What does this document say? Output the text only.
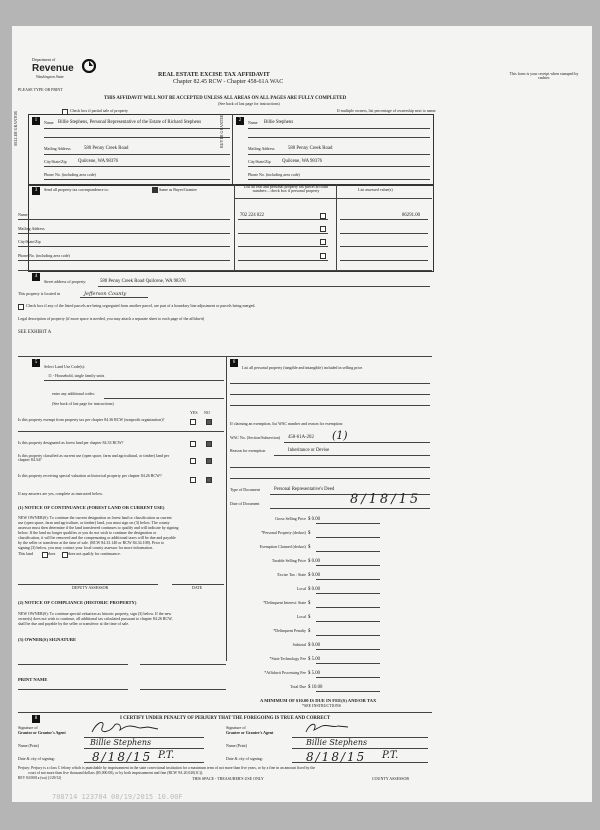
Department of
Revenue
Washington State	REAL ESTATE EXCISE TAX AFFIDAVIT
Chapter 82.45 RCW - Chapter 458-61A WAC
This form is your receipt when stamped by cashier.
PLEASE TYPE OR PRINT
THIS AFFIDAVIT WILL NOT BE ACCEPTED UNLESS ALL AREAS ON ALL PAGES ARE FULLY COMPLETED
(See back of last page for instructions)
Check box if partial sale of property	If multiple owners, list percentage of ownership next to name.
1
SELLER GRANTOR	Name Billie Stephens, Personal Representative of the Estate of Richard Stephens
Mailing Address	580 Penny Creek Road
City/State/Zip Quilcene, WA 98376
Phone No. (including area code)
2
BUYER GRANTEE	Name Billie Stephens
Mailing Address	580 Penny Creek Road
City/State/Zip Quilcene, WA 98376
Phone No. (including area code)
3	Send all property tax correspondence to:	Same as Buyer/Grantee
List all real and personal property tax parcel account numbers – check box if personal property	List assessed value(s)
Name	702 224 022	86291.00
Mailing Address
City/State/Zip
Phone No. (including area code)
4
Street address of property:	580 Penny Creek Road Quilcene, WA 98376
This property is located in	Jefferson County
Check box if any of the listed parcels are being segregated from another parcel, are part of a boundary line adjustment or parcels being merged.
Legal description of property (if more space is needed, you may attach a separate sheet to each page of the affidavit)
SEE EXHIBIT A
5
Select Land Use Code(s):
11 - Household, single family units
enter any additional codes:
(See back of last page for instructions)
YES NO
Is this property exempt from property tax per chapter 84.36 RCW (nonprofit organization)?
Is this property designated as forest land per chapter 84.33 RCW?
Is this property classified as current use (open space, farm and agricultural, or timber) land per chapter 84.34?
Is this property receiving special valuation as historical property per chapter 84.26 RCW?
If any answers are yes, complete as instructed below.
(1) NOTICE OF CONTINUANCE (FOREST LAND OR CURRENT USE)
NEW OWNER(S): To continue the current designation as forest land or classification as current
use (open space, farm and agriculture, or timber) land, you must sign on (3) below. The county
assessor must then determine if the land transferred continues to qualify and will indicate by signing
below. If the land no longer qualifies or you do not wish to continue the designation or
classification, it will be removed and the compensating or additional taxes will be due and payable
by the seller or transferor at the time of sale. (RCW 84.33.140 or RCW 84.34.108). Prior to
signing (3) below, you may contact your local county assessor for more information.
This land	does	does not qualify for continuance.
DEPUTY ASSESSOR	DATE
(2) NOTICE OF COMPLIANCE (HISTORIC PROPERTY)
NEW OWNER(S): To continue special valuation as historic property, sign (3) below. If the new
owner(s) does not wish to continue, all additional tax calculated pursuant to chapter 84.26 RCW,
shall be due and payable by the seller or transferor at the time of sale.
(3) OWNER(S) SIGNATURE
PRINT NAME
6
List all personal property (tangible and intangible) included in selling price.
If claiming an exemption, list WAC number and reason for exemption:
WAC No. (Section/Subsection) 458-61A-202 (1)
Reason for exemption	Inheritance or Devise
Type of Document	Personal Representative's Deed
Date of Document	8/18/15
Gross Selling Price $ 0.00
*Personal Property (deduct) $
Exemption Claimed (deduct) $
Taxable Selling Price $ 0.00
Excise Tax : State $ 0.00
Local $ 0.00
*Delinquent Interest: State $
Local $
*Delinquent Penalty $
Subtotal $ 0.00
*State Technology Fee $ 5.00
*Affidavit Processing Fee $ 5.00
Total Due $ 10.00
A MINIMUM OF $10.00 IS DUE IN FEE(S) AND/OR TAX
*SEE INSTRUCTIONS
8	I CERTIFY UNDER PENALTY OF PERJURY THAT THE FOREGOING IS TRUE AND CORRECT
Signature of
Grantor or Grantor's Agent
Name (Print)	Billie Stephens
Date & city of signing:	8/18/15 P.T.
Signature of
Grantee or Grantee's Agent
Name (Print)	Billie Stephens
Date & city of signing:	8/18/15 P.T.
Perjury: Perjury is a class C felony which is punishable by imprisonment in the state correctional institution for a maximum term of not more than five years, or by a fine in an amount fixed by the
court of not more than five thousand dollars ($5,000.00), or by both imprisonment and fine (RCW 9A.20.020(1C)).
REV 84 0001a (wu) (1/29/12)	THIS SPACE - TREASURER'S USE ONLY	COUNTY ASSESSOR
708714 123704 08/19/2015 10.00F
